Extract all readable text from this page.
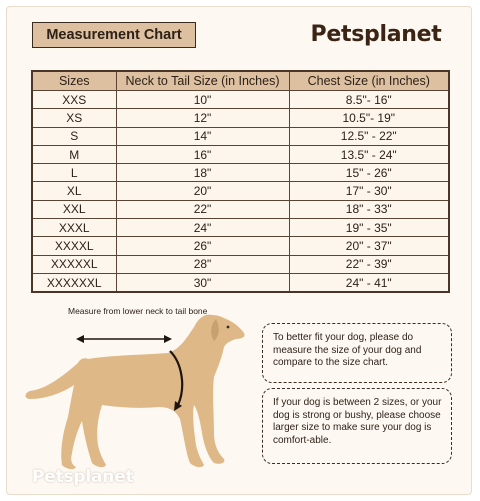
Measurement Chart	Petsplanet
Sizes	Neck to Tail Size (in Inches)	Chest Size (in Inches)
XXS	10"	8.5"- 16"
XS	12"	10.5"- 19"
S	14"	12.5" - 22"
M	16"	13.5" - 24"
L	18"	15" - 26"
XL	20"	17" - 30"
XXL	22"	18" - 33"
XXXL	24"	19" - 35"
XXXXL	26"	20" - 37"
XXXXXL	28"	22" - 39"
XXXXXXL	30"	24" - 41"
Measure from lower neck to tail bone
To better fit your dog, please do measure the size of your dog and compare to the size chart.
If your dog is between 2 sizes, or your dog is strong or bushy, please choose larger size to make sure your dog is comfort-able.
Petsplanet
